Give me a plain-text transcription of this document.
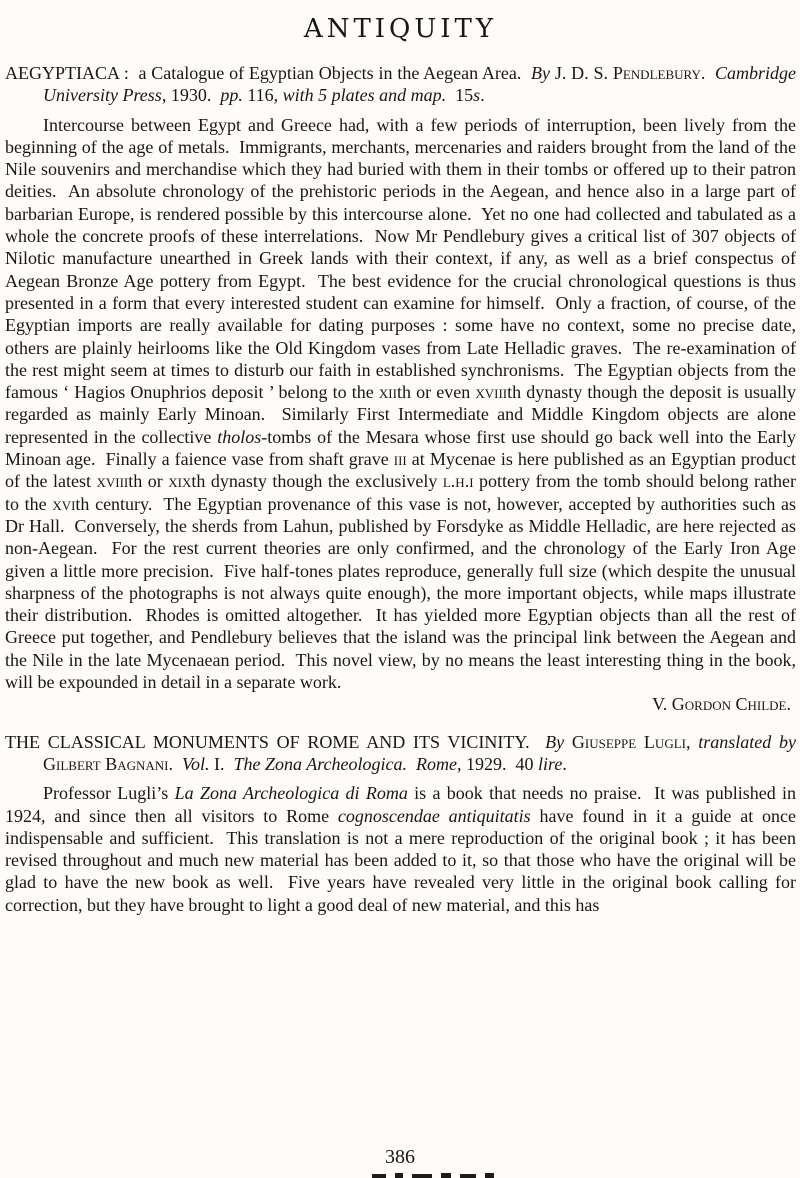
ANTIQUITY

AEGYPTIACA :  a Catalogue of Egyptian Objects in the Aegean Area.  By J. D. S. Pendlebury.  Cambridge University Press, 1930.  pp. 116, with 5 plates and map.  15s.

Intercourse between Egypt and Greece had, with a few periods of interruption, been lively from the beginning of the age of metals.  Immigrants, merchants, mercenaries and raiders brought from the land of the Nile souvenirs and merchandise which they had buried with them in their tombs or offered up to their patron deities.  An absolute chronology of the prehistoric periods in the Aegean, and hence also in a large part of barbarian Europe, is rendered possible by this intercourse alone.  Yet no one had collected and tabulated as a whole the concrete proofs of these interrelations.  Now Mr Pendlebury gives a critical list of 307 objects of Nilotic manufacture unearthed in Greek lands with their context, if any, as well as a brief conspectus of Aegean Bronze Age pottery from Egypt.  The best evidence for the crucial chronological questions is thus presented in a form that every interested student can examine for himself.  Only a fraction, of course, of the Egyptian imports are really available for dating purposes : some have no context, some no precise date, others are plainly heirlooms like the Old Kingdom vases from Late Helladic graves.  The re-examination of the rest might seem at times to disturb our faith in established synchronisms.  The Egyptian objects from the famous ‘ Hagios Onuphrios deposit ’ belong to the xiith or even xviiith dynasty though the deposit is usually regarded as mainly Early Minoan.  Similarly First Intermediate and Middle Kingdom objects are alone represented in the collective tholos-tombs of the Mesara whose first use should go back well into the Early Minoan age.  Finally a faience vase from shaft grave iii at Mycenae is here published as an Egyptian product of the latest xviiith or xixth dynasty though the exclusively l.h.i pottery from the tomb should belong rather to the xvith century.  The Egyptian provenance of this vase is not, however, accepted by authorities such as Dr Hall.  Conversely, the sherds from Lahun, published by Forsdyke as Middle Helladic, are here rejected as non-Aegean.  For the rest current theories are only confirmed, and the chronology of the Early Iron Age given a little more precision.  Five half-tones plates reproduce, generally full size (which despite the unusual sharpness of the photographs is not always quite enough), the more important objects, while maps illustrate their distribution.  Rhodes is omitted altogether.  It has yielded more Egyptian objects than all the rest of Greece put together, and Pendlebury believes that the island was the principal link between the Aegean and the Nile in the late Mycenaean period.  This novel view, by no means the least interesting thing in the book, will be expounded in detail in a separate work.

V. Gordon Childe.

THE CLASSICAL MONUMENTS OF ROME AND ITS VICINITY.  By Giuseppe Lugli, translated by Gilbert Bagnani.  Vol. I.  The Zona Archeologica. Rome, 1929.  40 lire.

Professor Lugli’s La Zona Archeologica di Roma is a book that needs no praise.  It was published in 1924, and since then all visitors to Rome cognoscendae antiquitatis have found in it a guide at once indispensable and sufficient.  This translation is not a mere reproduction of the original book ; it has been revised throughout and much new material has been added to it, so that those who have the original will be glad to have the new book as well.  Five years have revealed very little in the original book calling for correction, but they have brought to light a good deal of new material, and this has

386
